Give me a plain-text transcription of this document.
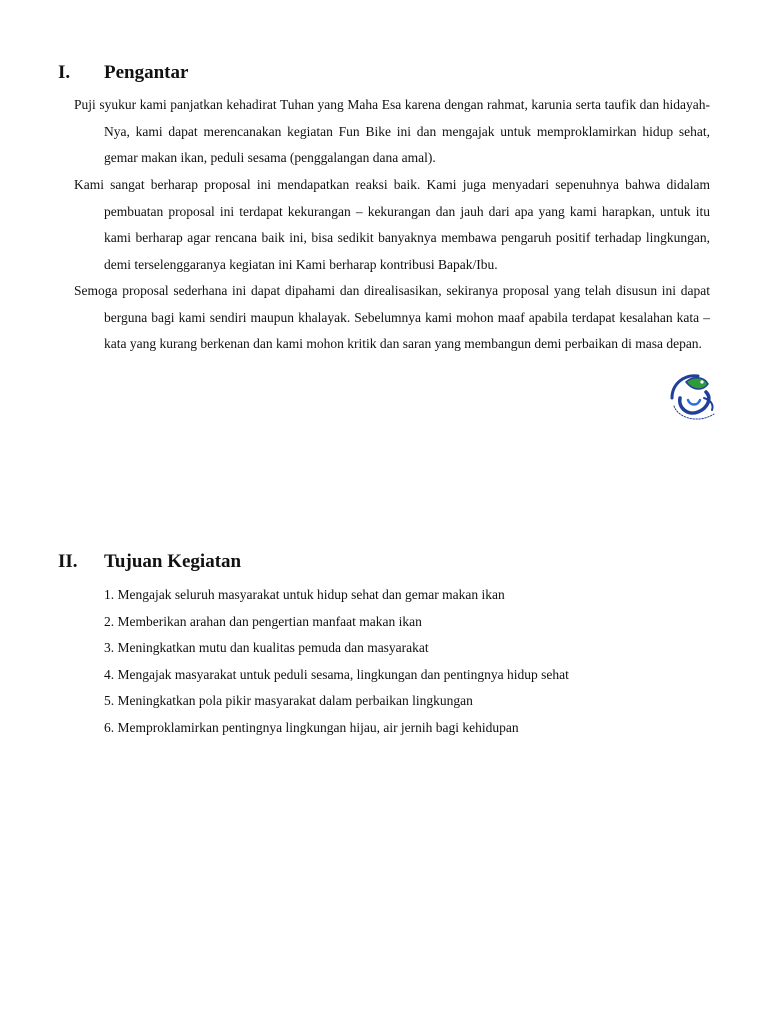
I. Pengantar

Puji syukur kami panjatkan kehadirat Tuhan yang Maha Esa karena dengan rahmat, karunia serta taufik dan hidayah-Nya, kami dapat merencanakan kegiatan Fun Bike ini dan mengajak untuk memproklamirkan hidup sehat, gemar makan ikan, peduli sesama (penggalangan dana amal).

Kami sangat berharap proposal ini mendapatkan reaksi baik. Kami juga menyadari sepenuhnya bahwa didalam pembuatan proposal ini terdapat kekurangan – kekurangan dan jauh dari apa yang kami harapkan, untuk itu kami berharap agar rencana baik ini, bisa sedikit banyaknya membawa pengaruh positif terhadap lingkungan, demi terselenggaranya kegiatan ini Kami berharap kontribusi Bapak/Ibu.

Semoga proposal sederhana ini dapat dipahami dan direalisasikan, sekiranya proposal yang telah disusun ini dapat berguna bagi kami sendiri maupun khalayak. Sebelumnya kami mohon maaf apabila terdapat kesalahan kata – kata yang kurang berkenan dan kami mohon kritik dan saran yang membangun demi perbaikan di masa depan.

II. Tujuan Kegiatan
1. Mengajak seluruh masyarakat untuk hidup sehat dan gemar makan ikan
2. Memberikan arahan dan pengertian manfaat makan ikan
3. Meningkatkan mutu dan kualitas pemuda dan masyarakat
4. Mengajak masyarakat untuk peduli sesama, lingkungan dan pentingnya hidup sehat
5. Meningkatkan pola pikir masyarakat dalam perbaikan lingkungan
6. Memproklamirkan pentingnya lingkungan hijau, air jernih bagi kehidupan
